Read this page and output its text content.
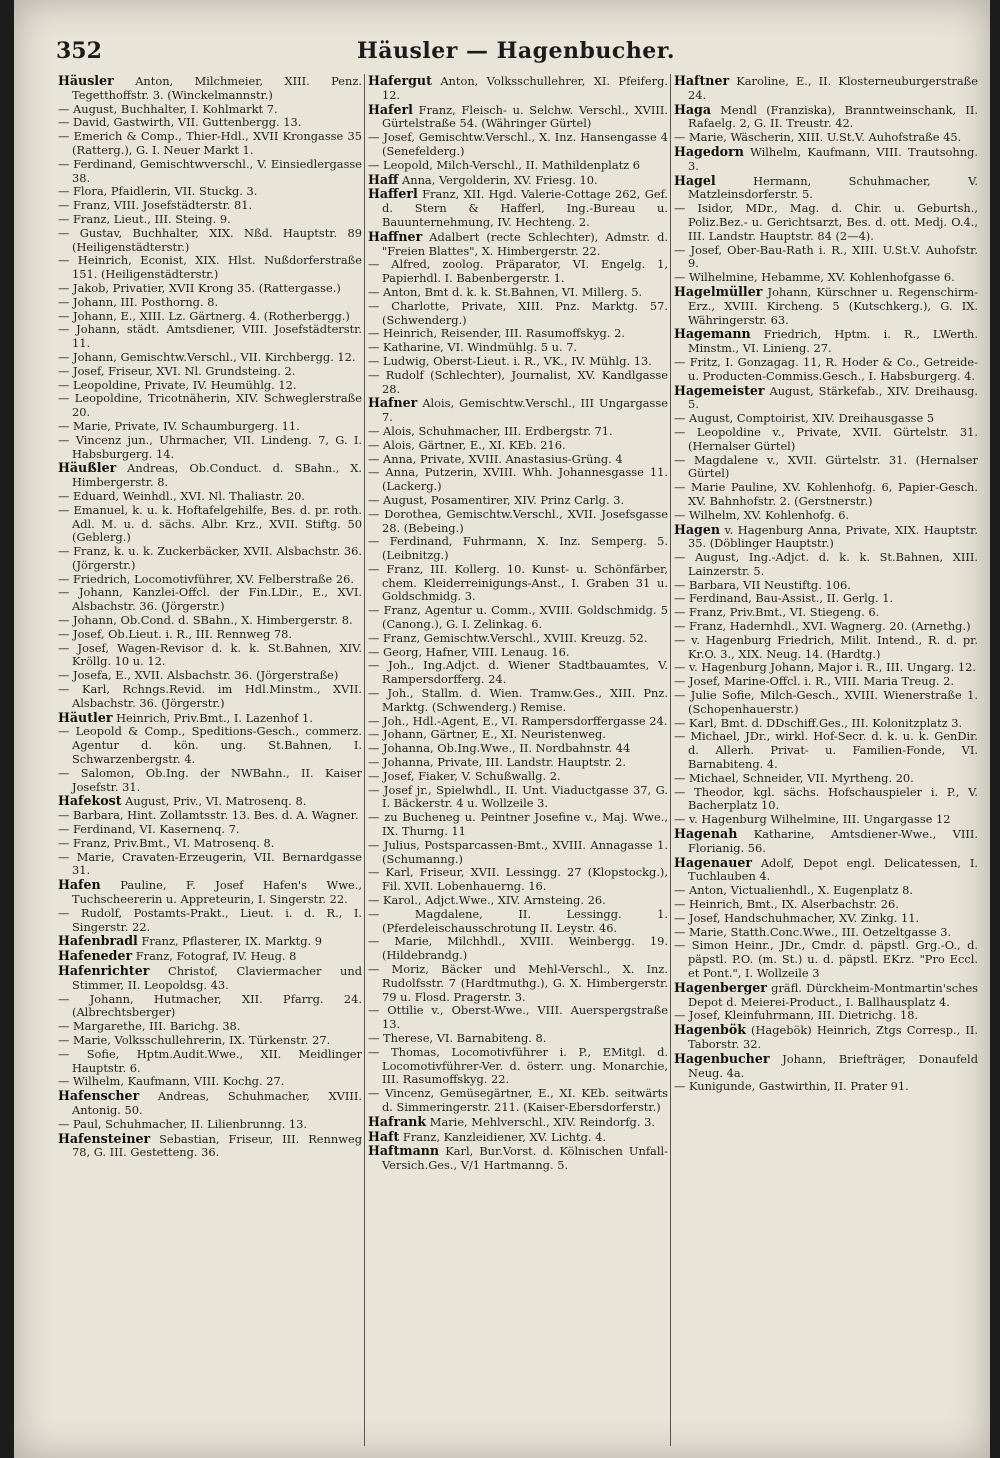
352	Häusler — Hagenbucher.

Häusler Anton, Milchmeier, XIII. Penz. Tegetthoffstr. 3. (Winckelmannstr.)

— August, Buchhalter, I. Kohlmarkt 7.

— David, Gastwirth, VII. Guttenbergg. 13.

— Emerich & Comp., Thier-Hdl., XVII Krongasse 35 (Ratterg.), G. I. Neuer Markt 1.

— Ferdinand, Gemischtwverschl., V. Einsiedlergasse 38.

— Flora, Pfaidlerin, VII. Stuckg. 3.

— Franz, VIII. Josefstädterstr. 81.

— Franz, Lieut., III. Steing. 9.

— Gustav, Buchhalter, XIX. Nßd. Hauptstr. 89 (Heiligenstädterstr.)

— Heinrich, Econist, XIX. Hlst. Nußdorferstraße 151. (Heiligenstädterstr.)

— Jakob, Privatier, XVII Krong 35. (Rattergasse.)

— Johann, III. Posthorng. 8.

— Johann, E., XIII. Lz. Gärtnerg. 4. (Rotherbergg.)

— Johann, städt. Amtsdiener, VIII. Josefstädterstr. 11.

— Johann, Gemischtw.Verschl., VII. Kirchbergg. 12.

— Josef, Friseur, XVI. Nl. Grundsteing. 2.

— Leopoldine, Private, IV. Heumühlg. 12.

— Leopoldine, Tricotnäherin, XIV. Schweglerstraße 20.

— Marie, Private, IV. Schaumburgerg. 11.

— Vincenz jun., Uhrmacher, VII. Lindeng. 7, G. I. Habsburgerg. 14.

Häußler Andreas, Ob.Conduct. d. SBahn., X. Himbergerstr. 8.

— Eduard, Weinhdl., XVI. Nl. Thaliastr. 20.

— Emanuel, k. u. k. Hoftafelgehilfe, Bes. d. pr. roth. Adl. M. u. d. sächs. Albr. Krz., XVII. Stiftg. 50 (Geblerg.)

— Franz, k. u. k. Zuckerbäcker, XVII. Alsbachstr. 36. (Jörgerstr.)

— Friedrich, Locomotivführer, XV. Felberstraße 26.

— Johann, Kanzlei-Offcl. der Fin.LDir., E., XVI. Alsbachstr. 36. (Jörgerstr.)

— Johann, Ob.Cond. d. SBahn., X. Himbergerstr. 8.

— Josef, Ob.Lieut. i. R., III. Rennweg 78.

— Josef, Wagen-Revisor d. k. k. St.Bahnen, XIV. Kröllg. 10 u. 12.

— Josefa, E., XVII. Alsbachstr. 36. (Jörgerstraße)

— Karl, Rchngs.Revid. im Hdl.Minstm., XVII. Alsbachstr. 36. (Jörgerstr.)

Häutler Heinrich, Priv.Bmt., I. Lazenhof 1.

— Leopold & Comp., Speditions-Gesch., commerz. Agentur d. kön. ung. St.Bahnen, I. Schwarzenbergstr. 4.

— Salomon, Ob.Ing. der NWBahn., II. Kaiser Josefstr. 31.

Hafekost August, Priv., VI. Matrosenq. 8.

— Barbara, Hint. Zollamtsstr. 13. Bes. d. A. Wagner.

— Ferdinand, VI. Kasernenq. 7.

— Franz, Priv.Bmt., VI. Matrosenq. 8.

— Marie, Cravaten-Erzeugerin, VII. Bernardgasse 31.

Hafen Pauline, F. Josef Hafen's Wwe., Tuchscheererin u. Appreteurin, I. Singerstr. 22.

— Rudolf, Postamts-Prakt., Lieut. i. d. R., I. Singerstr. 22.

Hafenbradl Franz, Pflasterer, IX. Marktg. 9

Hafeneder Franz, Fotograf, IV. Heug. 8

Hafenrichter Christof, Claviermacher und Stimmer, II. Leopoldsg. 43.

— Johann, Hutmacher, XII. Pfarrg. 24. (Albrechtsberger)

— Margarethe, III. Barichg. 38.

— Marie, Volksschullehrerin, IX. Türkenstr. 27.

— Sofie, Hptm.Audit.Wwe., XII. Meidlinger Hauptstr. 6.

— Wilhelm, Kaufmann, VIII. Kochg. 27.

Hafenscher Andreas, Schuhmacher, XVIII. Antonig. 50.

— Paul, Schuhmacher, II. Lilienbrunng. 13.

Hafensteiner Sebastian, Friseur, III. Rennweg 78, G. III. Gestetteng. 36.

Hafergut Anton, Volksschullehrer, XI. Pfeiferg. 12.

Haferl Franz, Fleisch- u. Selchw. Verschl., XVIII. Gürtelstraße 54. (Währinger Gürtel)

— Josef, Gemischtw.Verschl., X. Inz. Hansengasse 4 (Senefelderg.)

— Leopold, Milch-Verschl., II. Mathildenplatz 6

Haff Anna, Vergolderin, XV. Friesg. 10.

Hafferl Franz, XII. Hgd. Valerie-Cottage 262, Gef. d. Stern & Hafferl, Ing.-Bureau u. Bauunternehmung, IV. Hechteng. 2.

Haffner Adalbert (recte Schlechter), Admstr. d. "Freien Blattes", X. Himbergerstr. 22.

— Alfred, zoolog. Präparator, VI. Engelg. 1, Papierhdl. I. Babenbergerstr. 1.

— Anton, Bmt d. k. k. St.Bahnen, VI. Millerg. 5.

— Charlotte, Private, XIII. Pnz. Marktg. 57. (Schwenderg.)

— Heinrich, Reisender, III. Rasumoffskyg. 2.

— Katharine, VI. Windmühlg. 5 u. 7.

— Ludwig, Oberst-Lieut. i. R., VK., IV. Mühlg. 13.

— Rudolf (Schlechter), Journalist, XV. Kandlgasse 28.

Hafner Alois, Gemischtw.Verschl., III Ungargasse 7.

— Alois, Schuhmacher, III. Erdbergstr. 71.

— Alois, Gärtner, E., XI. KEb. 216.

— Anna, Private, XVIII. Anastasius-Grüng. 4

— Anna, Putzerin, XVIII. Whh. Johannesgasse 11. (Lackerg.)

— August, Posamentirer, XIV. Prinz Carlg. 3.

— Dorothea, Gemischtw.Verschl., XVII. Josefsgasse 28. (Bebeing.)

— Ferdinand, Fuhrmann, X. Inz. Semperg. 5. (Leibnitzg.)

— Franz, III. Kollerg. 10. Kunst- u. Schönfärber, chem. Kleiderreinigungs-Anst., I. Graben 31 u. Goldschmidg. 3.

— Franz, Agentur u. Comm., XVIII. Goldschmidg. 5 (Canong.), G. I. Zelinkag. 6.

— Franz, Gemischtw.Verschl., XVIII. Kreuzg. 52.

— Georg, Hafner, VIII. Lenaug. 16.

— Joh., Ing.Adjct. d. Wiener Stadtbauamtes, V. Rampersdorfferg. 24.

— Joh., Stallm. d. Wien. Tramw.Ges., XIII. Pnz. Marktg. (Schwenderg.) Remise.

— Joh., Hdl.-Agent, E., VI. Rampersdorffergasse 24.

— Johann, Gärtner, E., XI. Neuristenweg.

— Johanna, Ob.Ing.Wwe., II. Nordbahnstr. 44

— Johanna, Private, III. Landstr. Hauptstr. 2.

— Josef, Fiaker, V. Schußwallg. 2.

— Josef jr., Spielwhdl., II. Unt. Viaductgasse 37, G. I. Bäckerstr. 4 u. Wollzeile 3.

— zu Bucheneg u. Peintner Josefine v., Maj. Wwe., IX. Thurng. 11

— Julius, Postsparcassen-Bmt., XVIII. Annagasse 1. (Schumanng.)

— Karl, Friseur, XVII. Lessingg. 27 (Klopstockg.), Fil. XVII. Lobenhauerng. 16.

— Karol., Adjct.Wwe., XIV. Arnsteing. 26.

— Magdalene, II. Lessingg. 1. (Pferdeleischausschrotung II. Leystr. 46.

— Marie, Milchhdl., XVIII. Weinbergg. 19. (Hildebrandg.)

— Moriz, Bäcker und Mehl-Verschl., X. Inz. Rudolfsstr. 7 (Hardtmuthg.), G. X. Himbergerstr. 79 u. Flosd. Pragerstr. 3.

— Ottilie v., Oberst-Wwe., VIII. Auerspergstraße 13.

— Therese, VI. Barnabiteng. 8.

— Thomas, Locomotivführer i. P., EMitgl. d. Locomotivführer-Ver. d. österr. ung. Monarchie, III. Rasumoffskyg. 22.

— Vincenz, Gemüsegärtner, E., XI. KEb. seitwärts d. Simmeringerstr. 211. (Kaiser-Ebersdorferstr.)

Hafrank Marie, Mehlverschl., XIV. Reindorfg. 3.

Haft Franz, Kanzleidiener, XV. Lichtg. 4.

Haftmann Karl, Bur.Vorst. d. Kölnischen Unfall-Versich.Ges., V/1 Hartmanng. 5.

Haftner Karoline, E., II. Klosterneuburgerstraße 24.

Haga Mendl (Franziska), Branntweinschank, II. Rafaelg. 2, G. II. Treustr. 42.

— Marie, Wäscherin, XIII. U.St.V. Auhofstraße 45.

Hagedorn Wilhelm, Kaufmann, VIII. Trautsohng. 3.

Hagel Hermann, Schuhmacher, V. Matzleinsdorferstr. 5.

— Isidor, MDr., Mag. d. Chir. u. Geburtsh., Poliz.Bez.- u. Gerichtsarzt, Bes. d. ott. Medj. O.4., III. Landstr. Hauptstr. 84 (2—4).

— Josef, Ober-Bau-Rath i. R., XIII. U.St.V. Auhofstr. 9.

— Wilhelmine, Hebamme, XV. Kohlenhofgasse 6.

Hagelmüller Johann, Kürschner u. Regenschirm-Erz., XVIII. Kircheng. 5 (Kutschkerg.), G. IX. Währingerstr. 63.

Hagemann Friedrich, Hptm. i. R., LWerth. Minstm., VI. Linieng. 27.

— Fritz, I. Gonzagag. 11, R. Hoder & Co., Getreide- u. Producten-Commiss.Gesch., I. Habsburgerg. 4.

Hagemeister August, Stärkefab., XIV. Dreihausg. 5.

— August, Comptoirist, XIV. Dreihausgasse 5

— Leopoldine v., Private, XVII. Gürtelstr. 31. (Hernalser Gürtel)

— Magdalene v., XVII. Gürtelstr. 31. (Hernalser Gürtel)

— Marie Pauline, XV. Kohlenhofg. 6, Papier-Gesch. XV. Bahnhofstr. 2. (Gerstnerstr.)

— Wilhelm, XV. Kohlenhofg. 6.

Hagen v. Hagenburg Anna, Private, XIX. Hauptstr. 35. (Döblinger Hauptstr.)

— August, Ing.-Adjct. d. k. k. St.Bahnen, XIII. Lainzerstr. 5.

— Barbara, VII Neustiftg. 106.

— Ferdinand, Bau-Assist., II. Gerlg. 1.

— Franz, Priv.Bmt., VI. Stiegeng. 6.

— Franz, Hadernhdl., XVI. Wagnerg. 20. (Arnethg.)

— v. Hagenburg Friedrich, Milit. Intend., R. d. pr. Kr.O. 3., XIX. Neug. 14. (Hardtg.)

— v. Hagenburg Johann, Major i. R., III. Ungarg. 12.

— Josef, Marine-Offcl. i. R., VIII. Maria Treug. 2.

— Julie Sofie, Milch-Gesch., XVIII. Wienerstraße 1. (Schopenhauerstr.)

— Karl, Bmt. d. DDschiff.Ges., III. Kolonitzplatz 3.

— Michael, JDr., wirkl. Hof-Secr. d. k. u. k. GenDir. d. Allerh. Privat- u. Familien-Fonde, VI. Barnabiteng. 4.

— Michael, Schneider, VII. Myrtheng. 20.

— Theodor, kgl. sächs. Hofschauspieler i. P., V. Bacherplatz 10.

— v. Hagenburg Wilhelmine, III. Ungargasse 12

Hagenah Katharine, Amtsdiener-Wwe., VIII. Florianig. 56.

Hagenauer Adolf, Depot engl. Delicatessen, I. Tuchlauben 4.

— Anton, Victualienhdl., X. Eugenplatz 8.

— Heinrich, Bmt., IX. Alserbachstr. 26.

— Josef, Handschuhmacher, XV. Zinkg. 11.

— Marie, Statth.Conc.Wwe., III. Oetzeltgasse 3.

— Simon Heinr., JDr., Cmdr. d. päpstl. Grg.-O., d. päpstl. P.O. (m. St.) u. d. päpstl. EKrz. "Pro Eccl. et Pont.", I. Wollzeile 3

Hagenberger gräfl. Dürckheim-Montmartin'sches Depot d. Meierei-Product., I. Ballhausplatz 4.

— Josef, Kleinfuhrmann, III. Dietrichg. 18.

Hagenbök (Hagebök) Heinrich, Ztgs Corresp., II. Taborstr. 32.

Hagenbucher Johann, Briefträger, Donaufeld Neug. 4a.

— Kunigunde, Gastwirthin, II. Prater 91.
